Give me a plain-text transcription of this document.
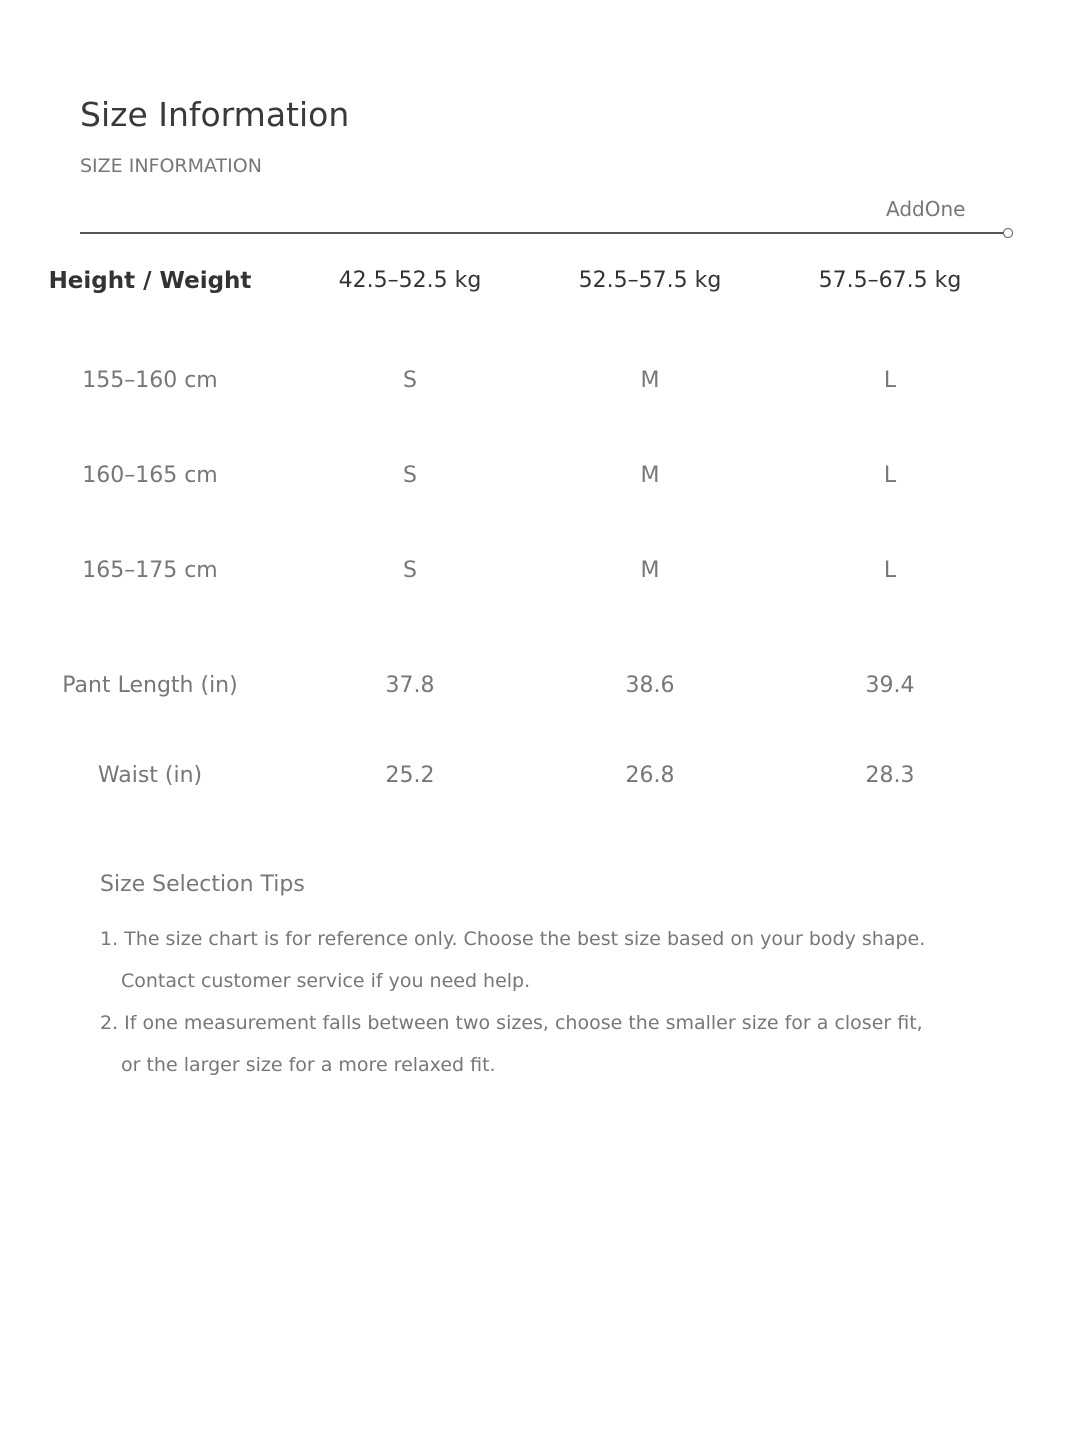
Size Information
SIZE INFORMATION
AddOne
Height / Weight	42.5–52.5 kg	52.5–57.5 kg	57.5–67.5 kg
155–160 cm	S	M	L
160–165 cm	S	M	L
165–175 cm	S	M	L
Pant Length (in)	37.8	38.6	39.4
Waist (in)	25.2	26.8	28.3
Size Selection Tips
1. The size chart is for reference only. Choose the best size based on your body shape.
Contact customer service if you need help.
2. If one measurement falls between two sizes, choose the smaller size for a closer fit,
or the larger size for a more relaxed fit.
